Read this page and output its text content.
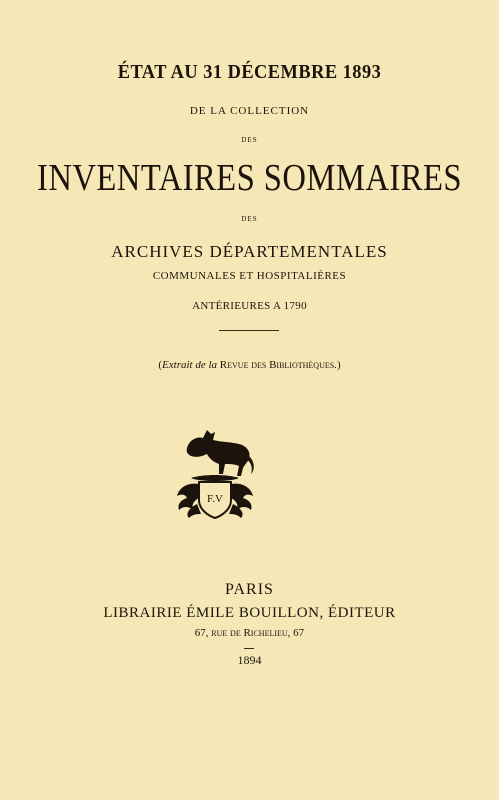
ÉTAT AU 31 DÉCEMBRE 1893
DE LA COLLECTION
DES
INVENTAIRES SOMMAIRES
DES
ARCHIVES DÉPARTEMENTALES
COMMUNALES ET HOSPITALIÈRES
ANTÉRIEURES A 1790
(Extrait de la Revue des Bibliothèques.)
F.V
PARIS
LIBRAIRIE ÉMILE BOUILLON, ÉDITEUR
67, rue de Richelieu, 67
1894
